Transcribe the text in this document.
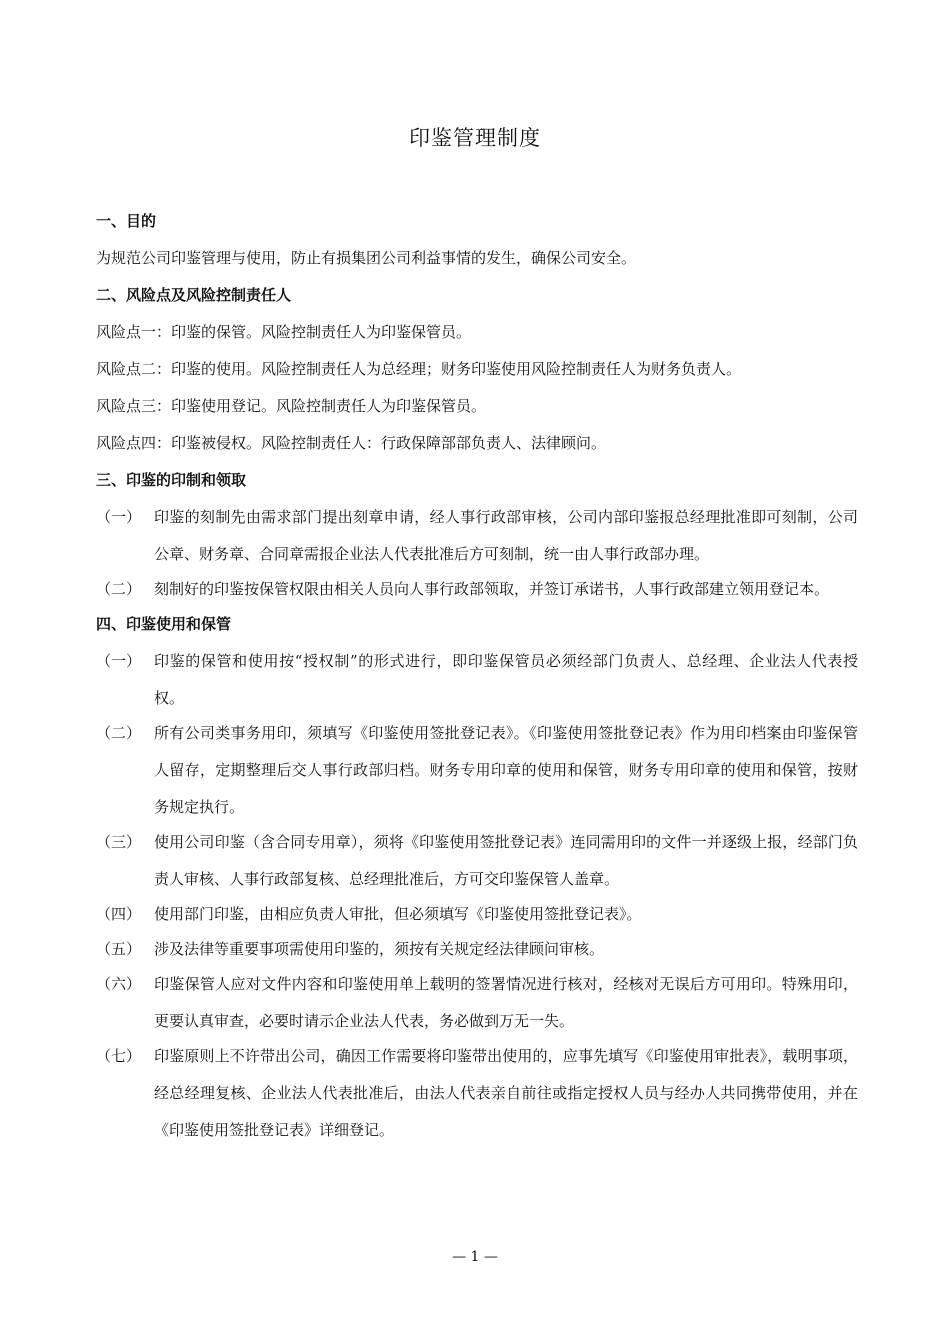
印鉴管理制度
一、目的
为规范公司印鉴管理与使用，防止有损集团公司利益事情的发生，确保公司安全。
二、风险点及风险控制责任人
风险点一：印鉴的保管。风险控制责任人为印鉴保管员。
风险点二：印鉴的使用。风险控制责任人为总经理；财务印鉴使用风险控制责任人为财务负责人。
风险点三：印鉴使用登记。风险控制责任人为印鉴保管员。
风险点四：印鉴被侵权。风险控制责任人：行政保障部部负责人、法律顾问。
三、印鉴的印制和领取
（一） 印鉴的刻制先由需求部门提出刻章申请，经人事行政部审核，公司内部印鉴报总经理批准即可刻制，公司公章、财务章、合同章需报企业法人代表批准后方可刻制，统一由人事行政部办理。
（二） 刻制好的印鉴按保管权限由相关人员向人事行政部领取，并签订承诺书，人事行政部建立领用登记本。
四、印鉴使用和保管
（一） 印鉴的保管和使用按“授权制”的形式进行，即印鉴保管员必须经部门负责人、总经理、企业法人代表授权。
（二） 所有公司类事务用印，须填写《印鉴使用签批登记表》。《印鉴使用签批登记表》作为用印档案由印鉴保管人留存，定期整理后交人事行政部归档。财务专用印章的使用和保管，财务专用印章的使用和保管，按财务规定执行。
（三） 使用公司印鉴（含合同专用章），须将《印鉴使用签批登记表》连同需用印的文件一并逐级上报，经部门负责人审核、人事行政部复核、总经理批准后，方可交印鉴保管人盖章。
（四） 使用部门印鉴，由相应负责人审批，但必须填写《印鉴使用签批登记表》。
（五） 涉及法律等重要事项需使用印鉴的，须按有关规定经法律顾问审核。
（六） 印鉴保管人应对文件内容和印鉴使用单上载明的签署情况进行核对，经核对无误后方可用印。特殊用印，更要认真审查，必要时请示企业法人代表，务必做到万无一失。
（七） 印鉴原则上不许带出公司，确因工作需要将印鉴带出使用的，应事先填写《印鉴使用审批表》，载明事项，经总经理复核、企业法人代表批准后，由法人代表亲自前往或指定授权人员与经办人共同携带使用，并在《印鉴使用签批登记表》详细登记。
— 1 —
